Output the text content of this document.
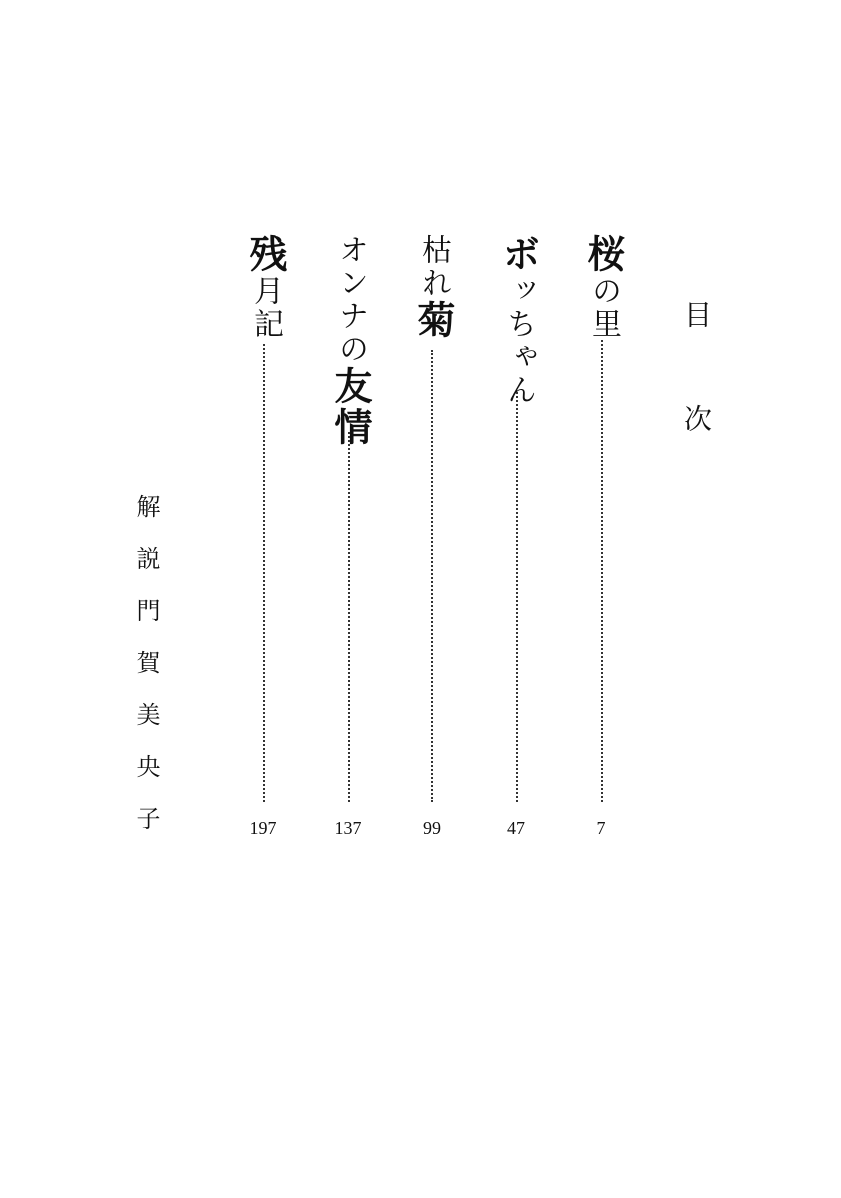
目次
桜の里
7
ボッちゃん
47
枯れ菊
99
オンナの友情
137
残月記
197
解説門賀美央子
